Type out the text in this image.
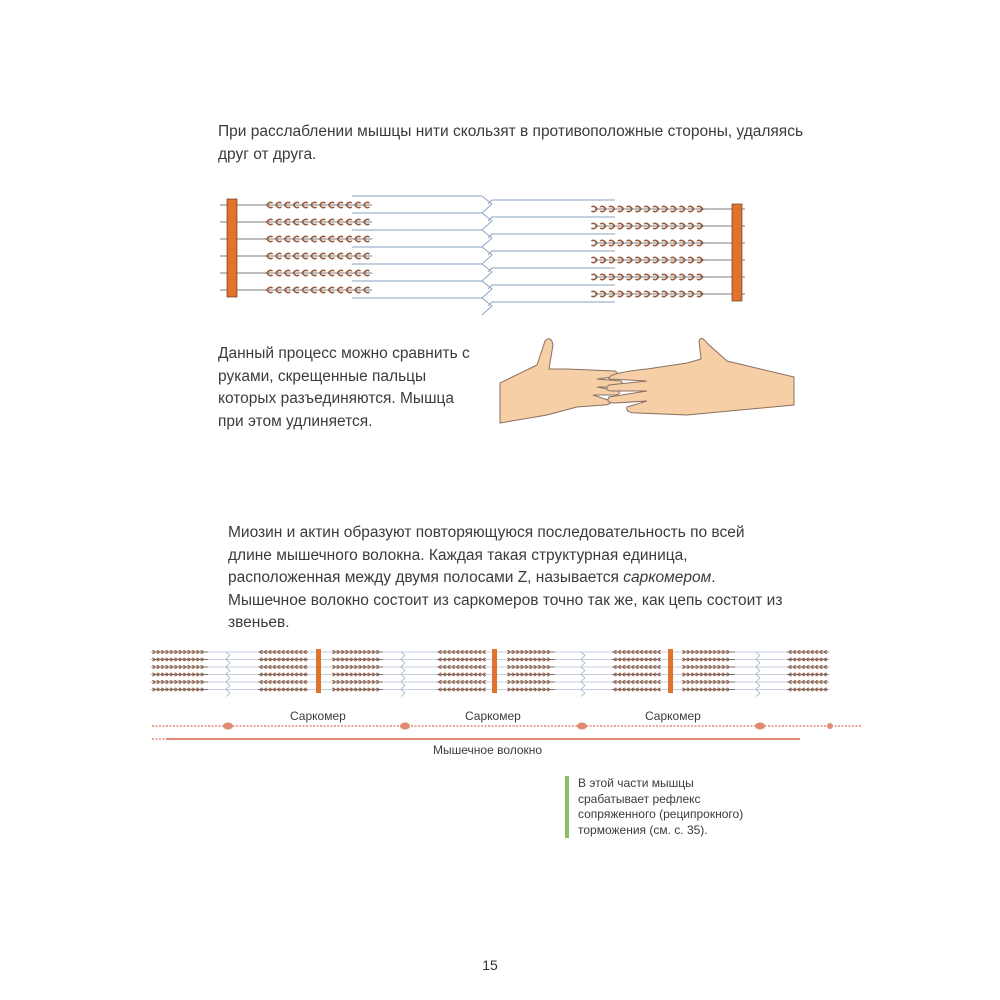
При расслаблении мышцы нити скользят в противоположные стороны, удаляясь друг от друга.

Данный процесс можно сравнить с руками, скрещенные пальцы которых разъединяются. Мышца при этом удлиняется.

Миозин и актин образуют повторяющуюся последовательность по всей длине мышечного волокна. Каждая такая структурная единица, расположенная между двумя полосами Z, называется саркомером. Мышечное волокно состоит из саркомеров точно так же, как цепь состоит из звеньев.

Саркомер	Саркомер	Саркомер
Мышечное волокно
В этой части мышцы срабатывает рефлекс сопряженного (реципрокного) торможения (см. с. 35).
15
